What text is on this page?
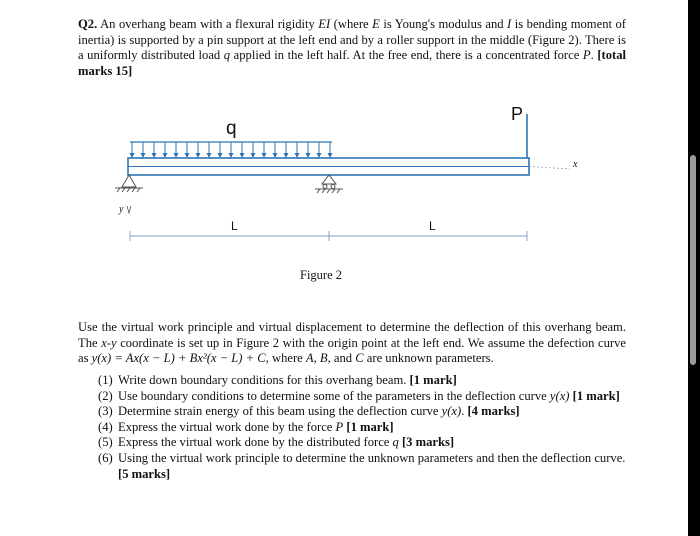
Q2. An overhang beam with a flexural rigidity EI (where E is Young's modulus and I is bending moment of inertia) is supported by a pin support at the left end and by a roller support in the middle (Figure 2). There is a uniformly distributed load q applied in the left half. At the free end, there is a concentrated force P. [total marks 15]
q
P
x
y
L	L
Figure 2
Use the virtual work principle and virtual displacement to determine the deflection of this overhang beam. The x-y coordinate is set up in Figure 2 with the origin point at the left end. We assume the defection curve as y(x) = Ax(x − L) + Bx²(x − L) + C, where A, B, and C are unknown parameters.
(1) Write down boundary conditions for this overhang beam. [1 mark]
(2) Use boundary conditions to determine some of the parameters in the deflection curve y(x) [1 mark]
(3) Determine strain energy of this beam using the deflection curve y(x). [4 marks]
(4) Express the virtual work done by the force P [1 mark]
(5) Express the virtual work done by the distributed force q [3 marks]
(6) Using the virtual work principle to determine the unknown parameters and then the deflection curve. [5 marks]
